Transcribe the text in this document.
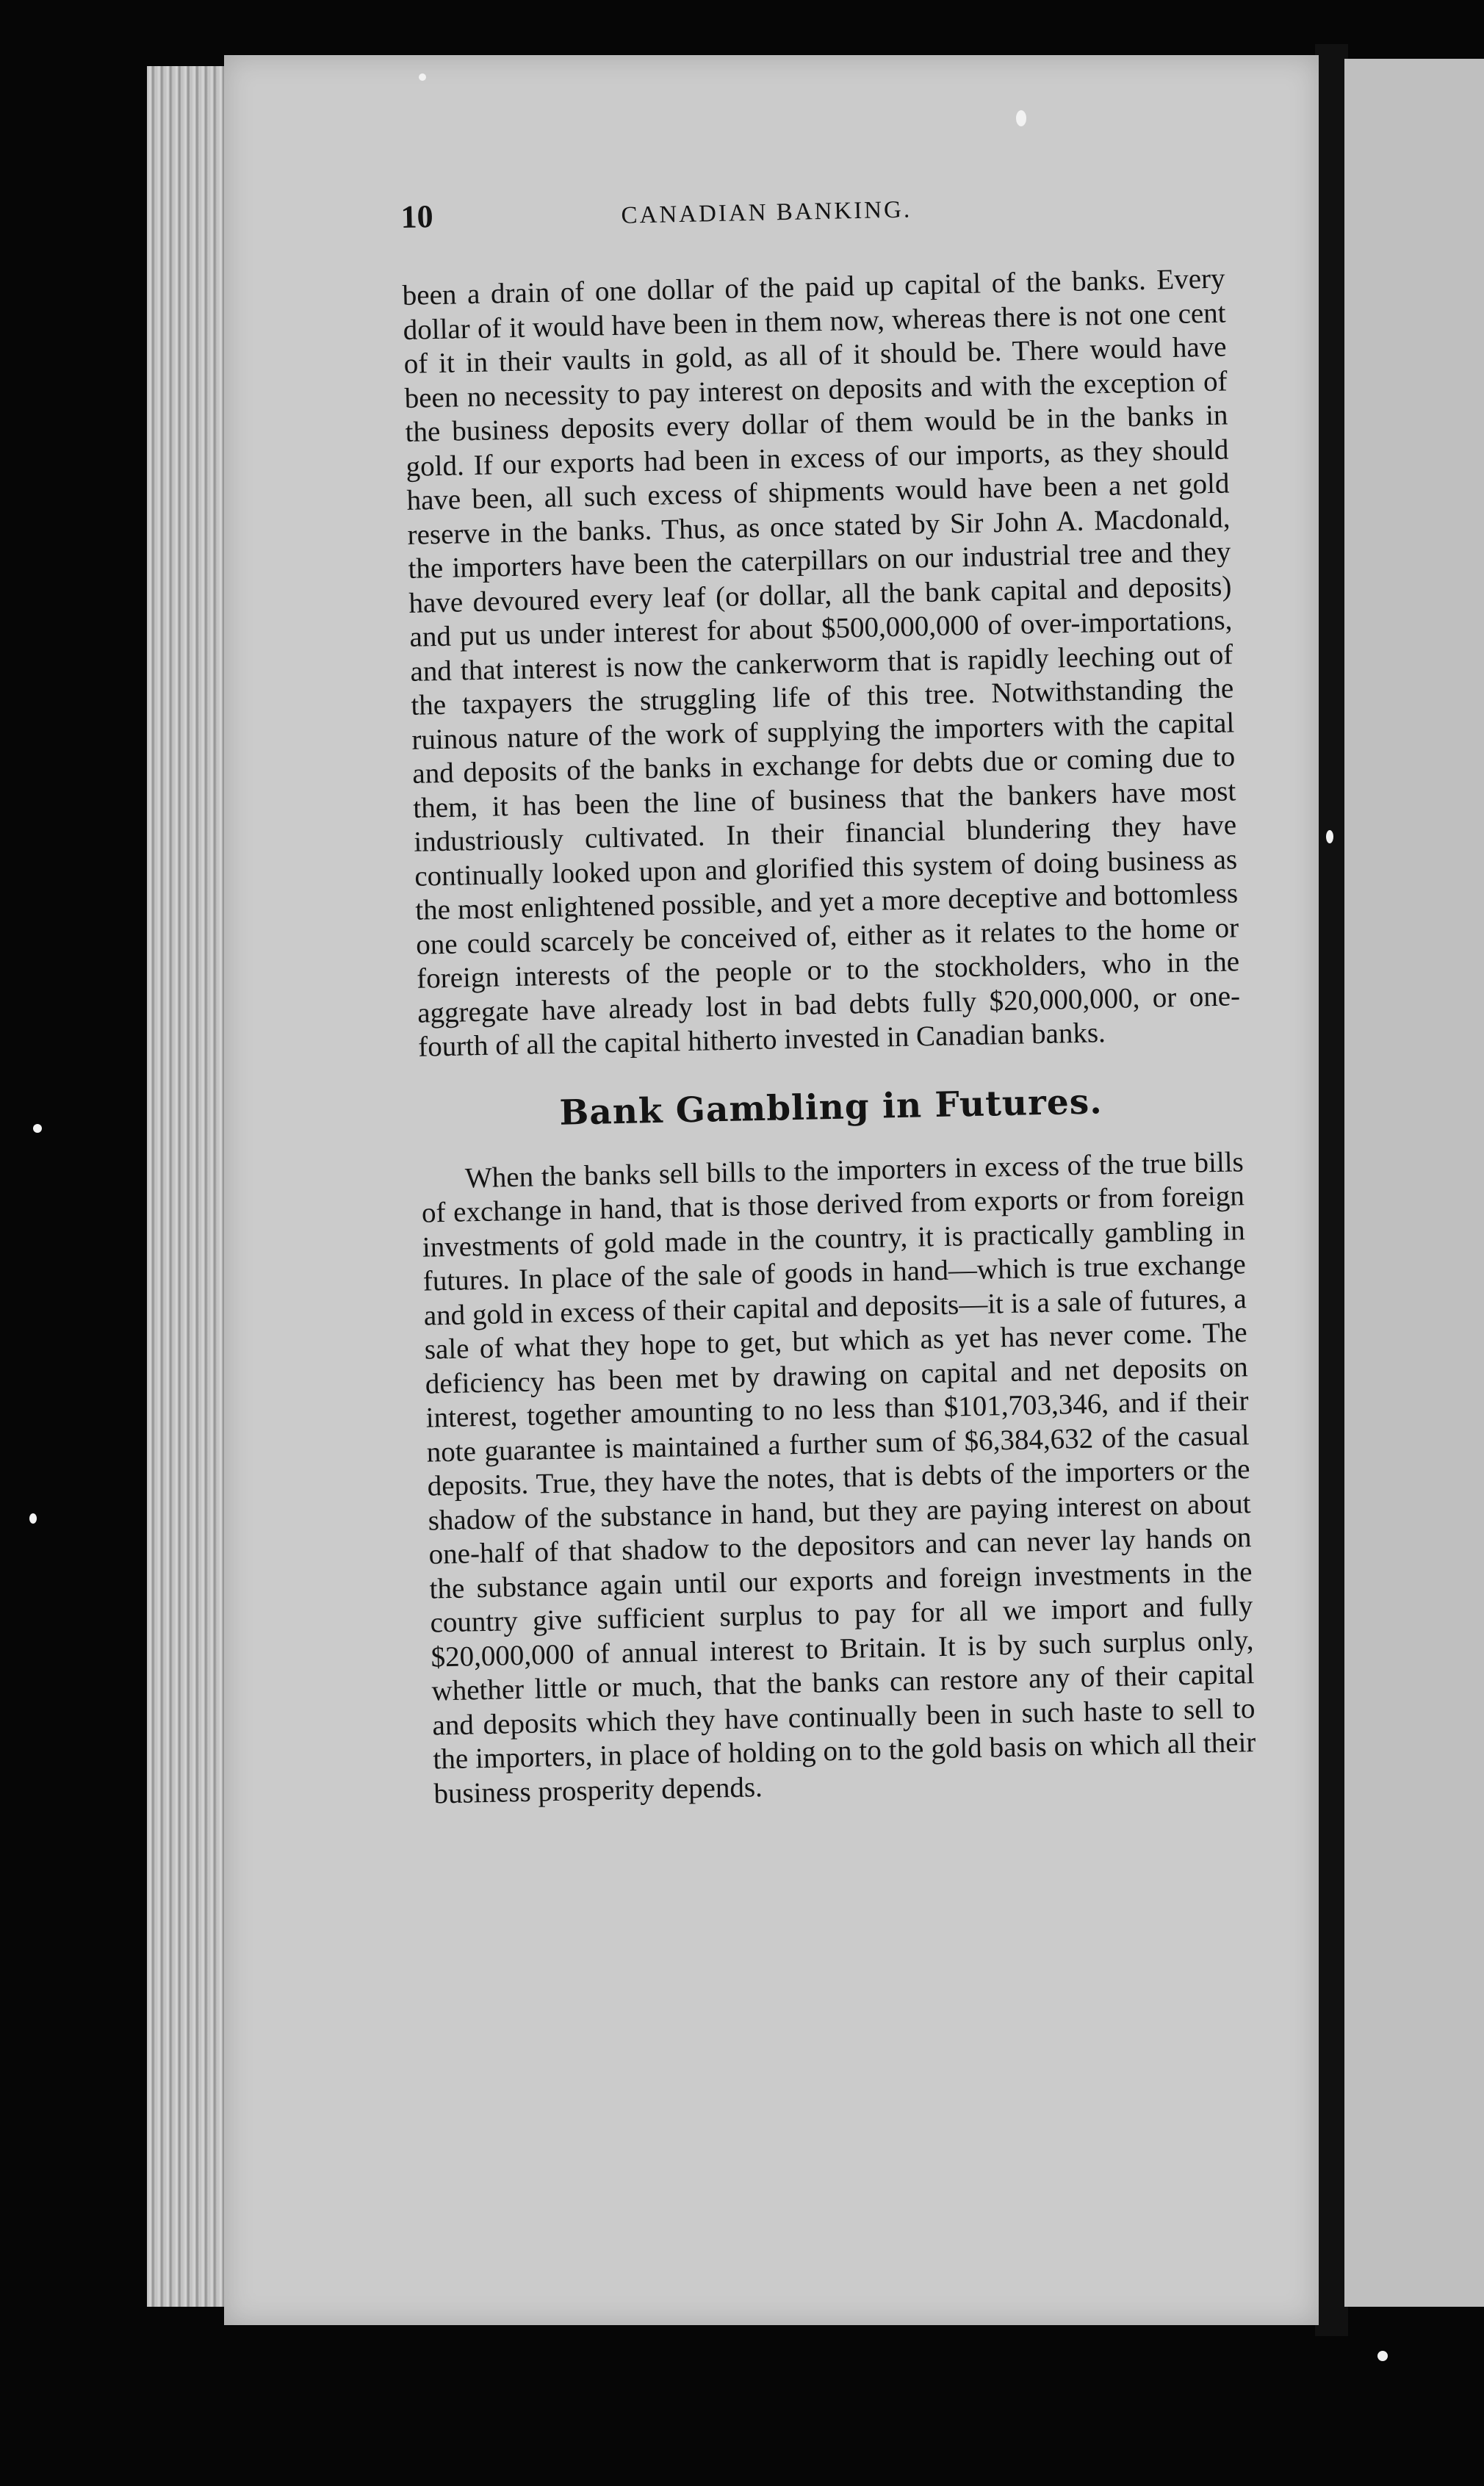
10	CANADIAN BANKING.

been a drain of one dollar of the paid up capital of the banks. Every dollar of it would have been in them now, whereas there is not one cent of it in their vaults in gold, as all of it should be. There would have been no necessity to pay interest on deposits and with the exception of the business deposits every dollar of them would be in the banks in gold. If our exports had been in excess of our imports, as they should have been, all such excess of shipments would have been a net gold reserve in the banks. Thus, as once stated by Sir John A. Macdonald, the importers have been the caterpillars on our industrial tree and they have devoured every leaf (or dollar, all the bank capital and deposits) and put us under interest for about $500,000,000 of over-importations, and that interest is now the cankerworm that is rapidly leeching out of the taxpayers the struggling life of this tree. Notwithstanding the ruinous nature of the work of supplying the importers with the capital and deposits of the banks in exchange for debts due or coming due to them, it has been the line of business that the bankers have most industriously cultivated. In their financial blundering they have continually looked upon and glorified this system of doing business as the most enlightened possible, and yet a more deceptive and bottomless one could scarcely be conceived of, either as it relates to the home or foreign interests of the people or to the stockholders, who in the aggregate have already lost in bad debts fully $20,000,000, or one-fourth of all the capital hitherto invested in Canadian banks.

Bank Gambling in Futures.

When the banks sell bills to the importers in excess of the true bills of exchange in hand, that is those derived from exports or from foreign investments of gold made in the country, it is practically gambling in futures. In place of the sale of goods in hand—which is true exchange and gold in excess of their capital and deposits—it is a sale of futures, a sale of what they hope to get, but which as yet has never come. The deficiency has been met by drawing on capital and net deposits on interest, together amounting to no less than $101,703,346, and if their note guarantee is maintained a further sum of $6,384,632 of the casual deposits. True, they have the notes, that is debts of the importers or the shadow of the substance in hand, but they are paying interest on about one-half of that shadow to the depositors and can never lay hands on the substance again until our exports and foreign investments in the country give sufficient surplus to pay for all we import and fully $20,000,000 of annual interest to Britain. It is by such surplus only, whether little or much, that the banks can restore any of their capital and deposits which they have continually been in such haste to sell to the importers, in place of holding on to the gold basis on which all their business prosperity depends.
